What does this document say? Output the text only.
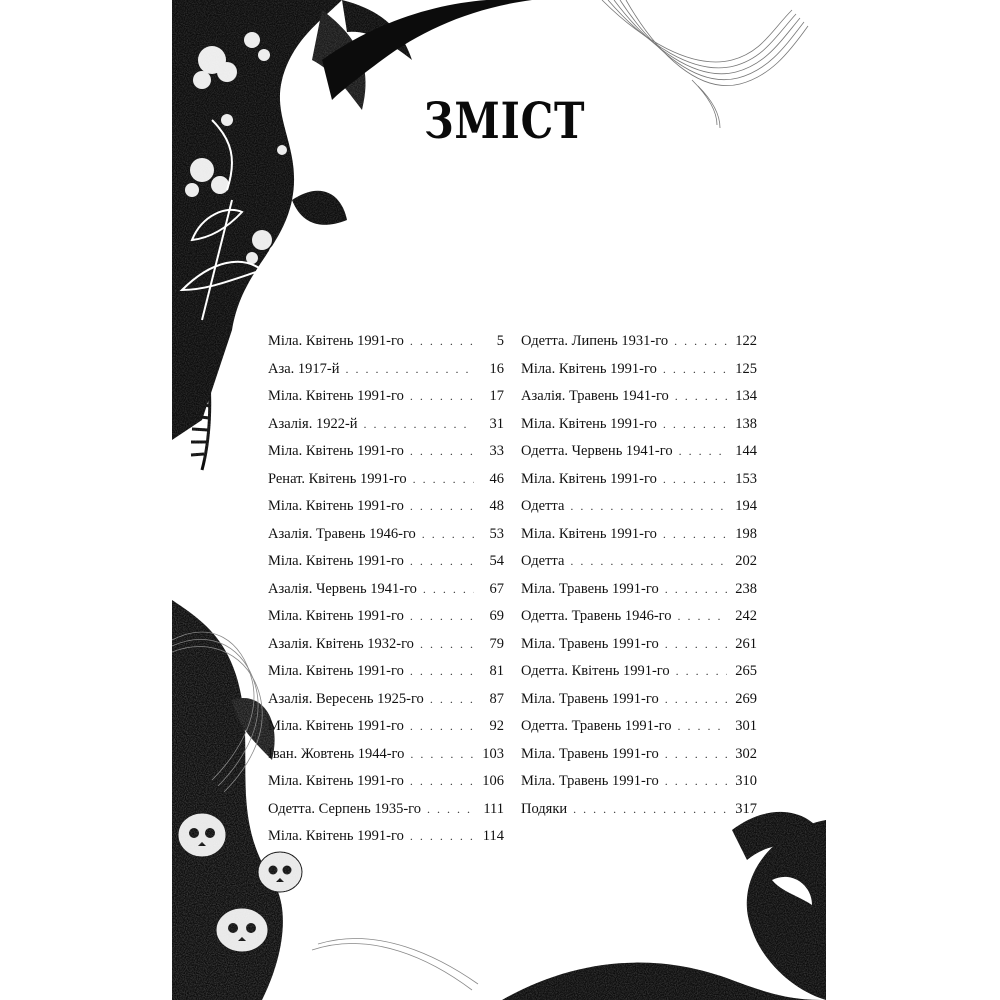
ЗМІСТ
Міла. Квітень 1991-го . . .	5
Аза. 1917-й . . .	16
Міла. Квітень 1991-го . . .	17
Азалія. 1922-й . . .	31
Міла. Квітень 1991-го . . .	33
Ренат. Квітень 1991-го . . .	46
Міла. Квітень 1991-го . . .	48
Азалія. Травень 1946-го . . .	53
Міла. Квітень 1991-го . . .	54
Азалія. Червень 1941-го . . .	67
Міла. Квітень 1991-го . . .	69
Азалія. Квітень 1932-го . . .	79
Міла. Квітень 1991-го . . .	81
Азалія. Вересень 1925-го . . .	87
Міла. Квітень 1991-го . . .	92
Іван. Жовтень 1944-го . . .	103
Міла. Квітень 1991-го . . .	106
Одетта. Серпень 1935-го . . .	111
Міла. Квітень 1991-го . . .	114
Одетта. Липень 1931-го . . .	122
Міла. Квітень 1991-го . . .	125
Азалія. Травень 1941-го . . .	134
Міла. Квітень 1991-го . . .	138
Одетта. Червень 1941-го . . .	144
Міла. Квітень 1991-го . . .	153
Одетта . . .	194
Міла. Квітень 1991-го . . .	198
Одетта . . .	202
Міла. Травень 1991-го . . .	238
Одетта. Травень 1946-го . . .	242
Міла. Травень 1991-го . . .	261
Одетта. Квітень 1991-го . . .	265
Міла. Травень 1991-го . . .	269
Одетта. Травень 1991-го . . .	301
Міла. Травень 1991-го . . .	302
Міла. Травень 1991-го . . .	310
Подяки . . .	317
